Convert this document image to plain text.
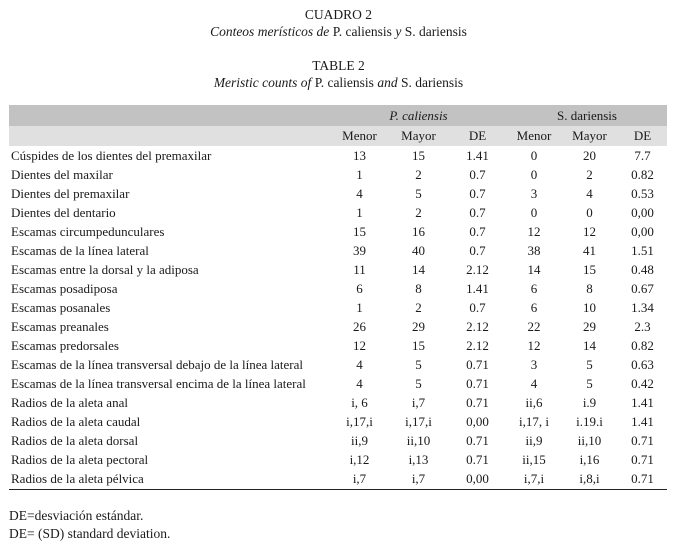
CUADRO 2
Conteos merísticos de P. caliensis y S. dariensis
TABLE 2
Meristic counts of P. caliensis and S. dariensis
	P. caliensis			S. dariensis		
	Menor	Mayor	DE	Menor	Mayor	DE
Cúspides de los dientes del premaxilar	13	15	1.41	0	20	7.7
Dientes del maxilar	1	2	0.7	0	2	0.82
Dientes del premaxilar	4	5	0.7	3	4	0.53
Dientes del dentario	1	2	0.7	0	0	0,00
Escamas circumpedunculares	15	16	0.7	12	12	0,00
Escamas de la línea lateral	39	40	0.7	38	41	1.51
Escamas entre la dorsal y la adiposa	11	14	2.12	14	15	0.48
Escamas posadiposa	6	8	1.41	6	8	0.67
Escamas posanales	1	2	0.7	6	10	1.34
Escamas preanales	26	29	2.12	22	29	2.3
Escamas predorsales	12	15	2.12	12	14	0.82
Escamas de la línea transversal debajo de la línea lateral	4	5	0.71	3	5	0.63
Escamas de la línea transversal encima de la línea lateral	4	5	0.71	4	5	0.42
Radios de la aleta anal	i, 6	i,7	0.71	ii,6	i.9	1.41
Radios de la aleta caudal	i,17,i	i,17,i	0,00	i,17, i	i.19.i	1.41
Radios de la aleta dorsal	ii,9	ii,10	0.71	ii,9	ii,10	0.71
Radios de la aleta pectoral	i,12	i,13	0.71	ii,15	i,16	0.71
Radios de la aleta pélvica	i,7	i,7	0,00	i,7,i	i,8,i	0.71
DE=desviación estándar.
DE= (SD) standard deviation.
